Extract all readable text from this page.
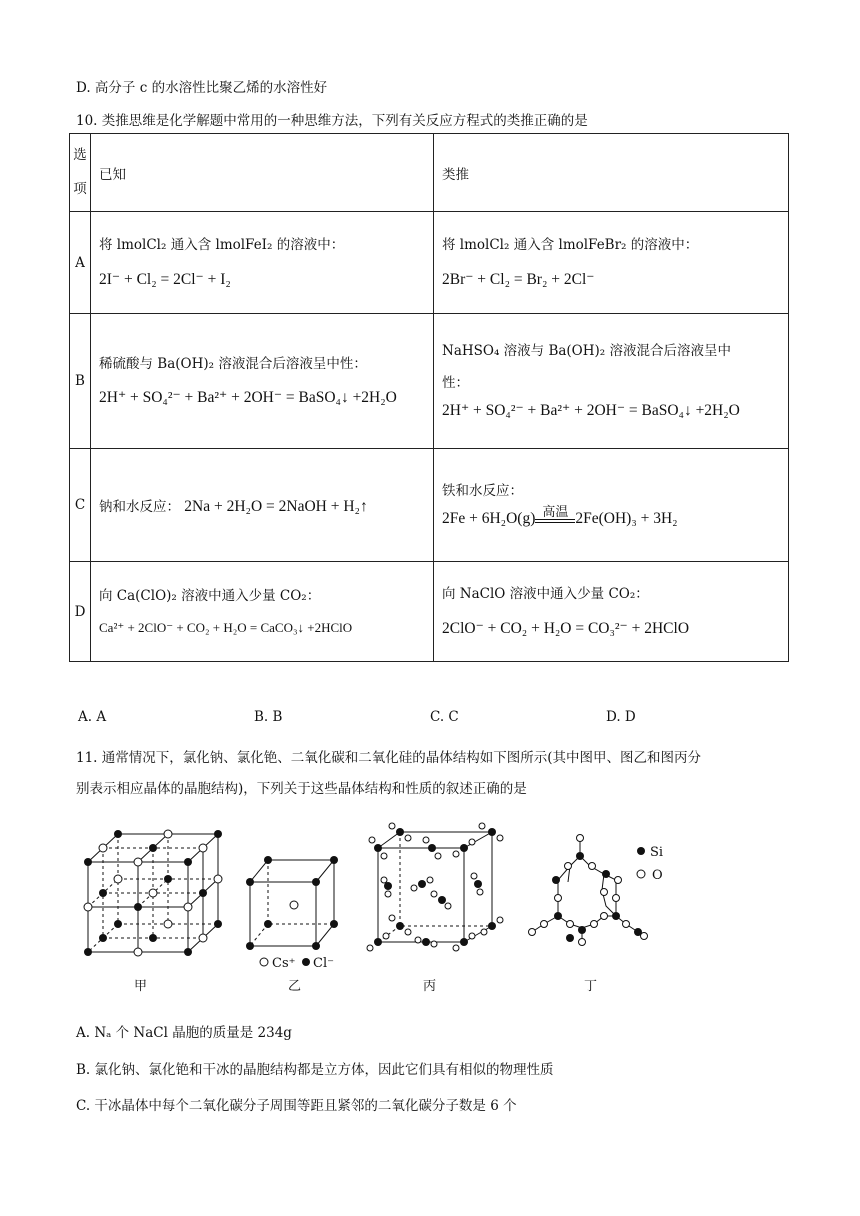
D. 高分子 c 的水溶性比聚乙烯的水溶性好
10. 类推思维是化学解题中常用的一种思维方法，下列有关反应方程式的类推正确的是
选
项	已知	类推
A	将 lmolCl₂ 通入含 lmolFeI₂ 的溶液中：
2I⁻ + Cl₂ = 2Cl⁻ + I₂	将 lmolCl₂ 通入含 lmolFeBr₂ 的溶液中：
2Br⁻ + Cl₂ = Br₂ + 2Cl⁻

B	稀硫酸与 Ba(OH)₂ 溶液混合后溶液呈中性：
2H⁺ + SO₄²⁻ + Ba²⁺ + 2OH⁻ = BaSO₄↓ +2H₂O	NaHSO₄ 溶液与 Ba(OH)₂ 溶液混合后溶液呈中
性：
2H⁺ + SO₄²⁻ + Ba²⁺ + 2OH⁻ = BaSO₄↓ +2H₂O

C	钠和水反应： 2Na + 2H₂O = 2NaOH + H₂↑	铁和水反应：
2Fe + 6H₂O(g) 高温 2Fe(OH)₃ + 3H₂

D	向 Ca(ClO)₂ 溶液中通入少量 CO₂：
Ca²⁺ + 2ClO⁻ + CO₂ + H₂O = CaCO₃↓ +2HClO	向 NaClO 溶液中通入少量 CO₂：
2ClO⁻ + CO₂ + H₂O = CO₃²⁻ + 2HClO
A. A	B. B	C. C	D. D
11. 通常情况下，氯化钠、氯化铯、二氧化碳和二氧化硅的晶体结构如下图所示(其中图甲、图乙和图丙分
别表示相应晶体的晶胞结构)，下列关于这些晶体结构和性质的叙述正确的是
Cs⁺ Cl⁻
Si
O
甲	乙	丙	丁
A. Nₐ 个 NaCl 晶胞的质量是 234g
B. 氯化钠、氯化铯和干冰的晶胞结构都是立方体，因此它们具有相似的物理性质
C. 干冰晶体中每个二氧化碳分子周围等距且紧邻的二氧化碳分子数是 6 个
